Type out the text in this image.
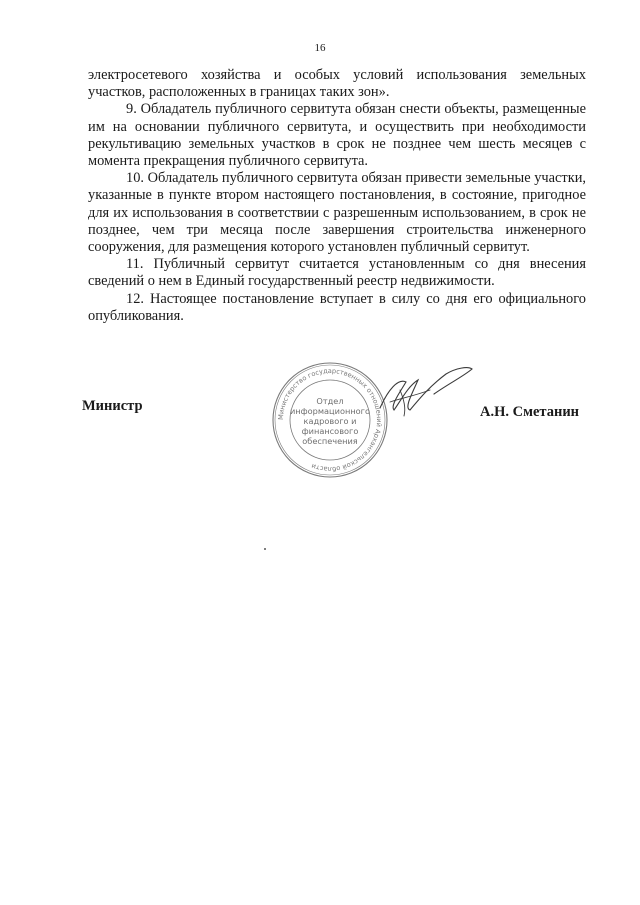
16

электросетевого хозяйства и особых условий использования земельных участков, расположенных в границах таких зон».

9. Обладатель публичного сервитута обязан снести объекты, размещенные им на основании публичного сервитута, и осуществить при необходимости рекультивацию земельных участков в срок не позднее чем шесть месяцев с момента прекращения публичного сервитута.

10. Обладатель публичного сервитута обязан привести земельные участки, указанные в пункте втором настоящего постановления, в состояние, пригодное для их использования в соответствии с разрешенным использованием, в срок не позднее, чем три месяца после завершения строительства инженерного сооружения, для размещения которого установлен публичный сервитут.

11. Публичный сервитут считается установленным со дня внесения сведений о нем в Единый государственный реестр недвижимости.

12. Настоящее постановление вступает в силу со дня его официального опубликования.

Министр	А.Н. Сметанин
Министерство государственных отношений Архангельской области
Отдел
информационного
кадрового и
финансового
обеспечения
